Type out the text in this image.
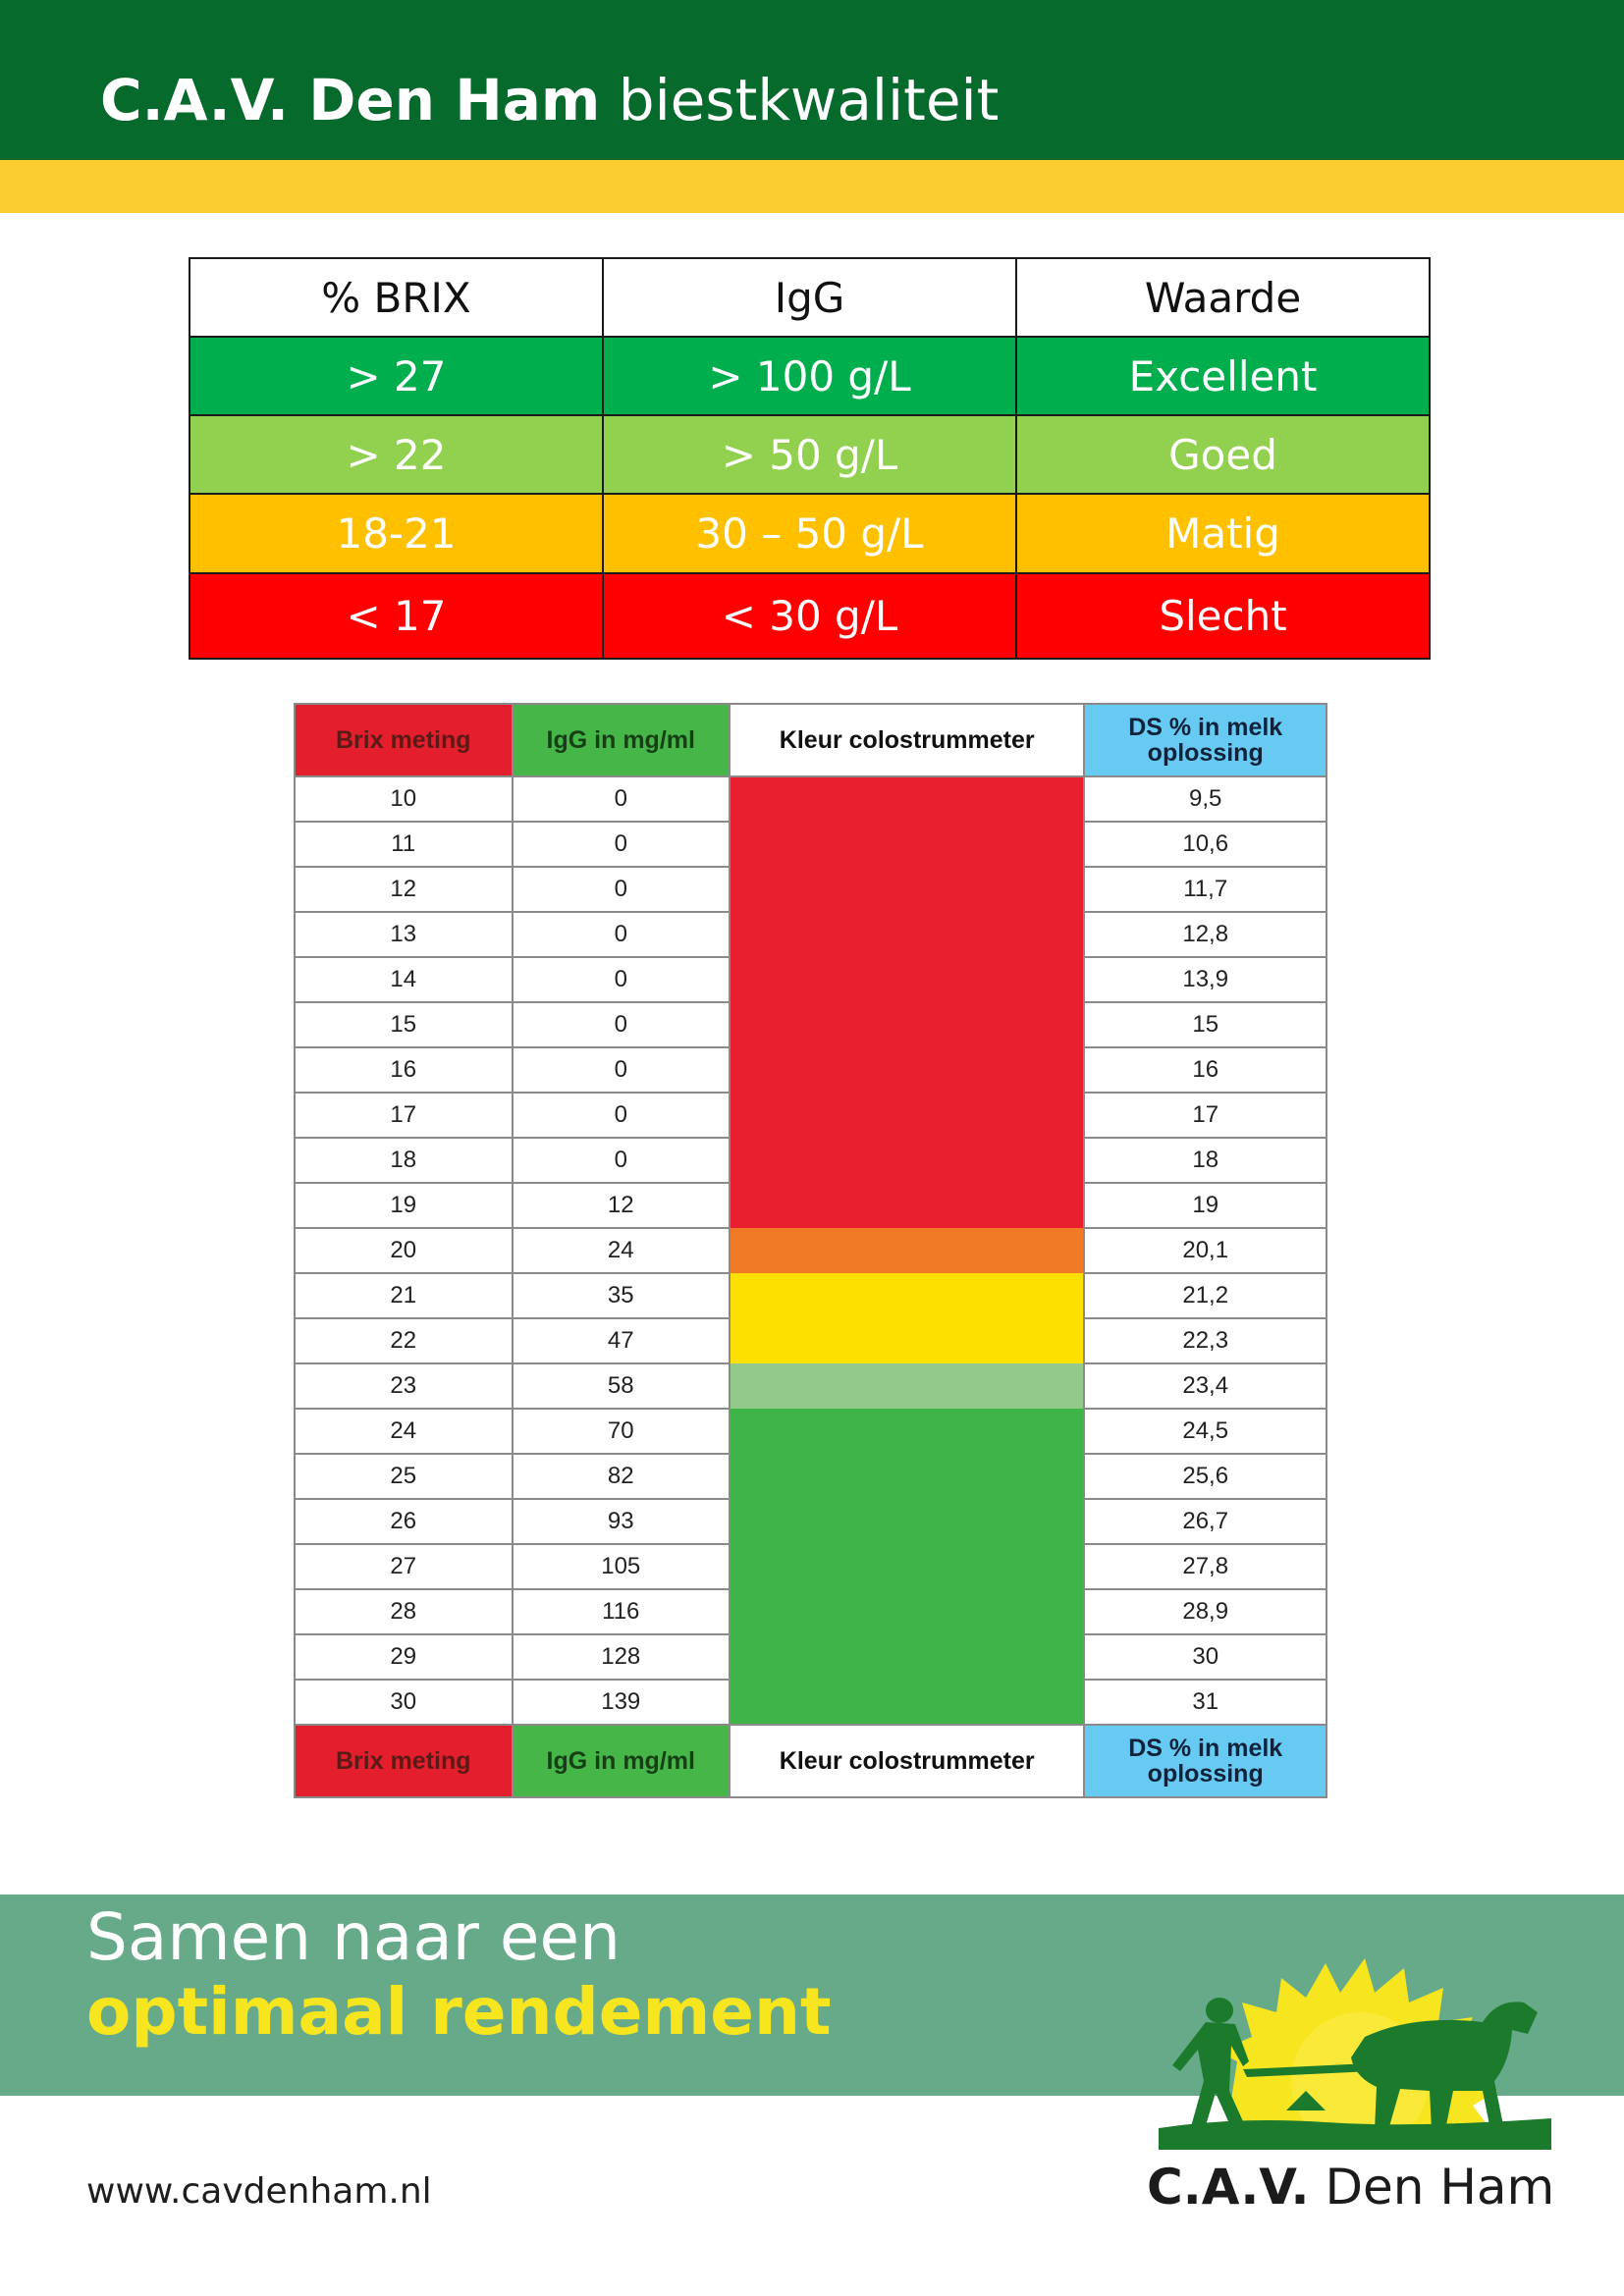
C.A.V. Den Ham biestkwaliteit
% BRIX	IgG	Waarde
> 27	> 100 g/L	Excellent
> 22	> 50 g/L	Goed
18-21	30 – 50 g/L	Matig
< 17	< 30 g/L	Slecht
Brix meting	IgG in mg/ml	Kleur colostrummeter	DS % in melk
oplossing
10	0		9,5
11	0		10,6
12	0		11,7
13	0		12,8
14	0		13,9
15	0		15
16	0		16
17	0		17
18	0		18
19	12		19
20	24		20,1
21	35		21,2
22	47		22,3
23	58		23,4
24	70		24,5
25	82		25,6
26	93		26,7
27	105		27,8
28	116		28,9
29	128		30
30	139		31
Brix meting	IgG in mg/ml	Kleur colostrummeter	DS % in melk
oplossing
Samen naar een
optimaal rendement
www.cavdenham.nl	C.A.V. Den Ham
